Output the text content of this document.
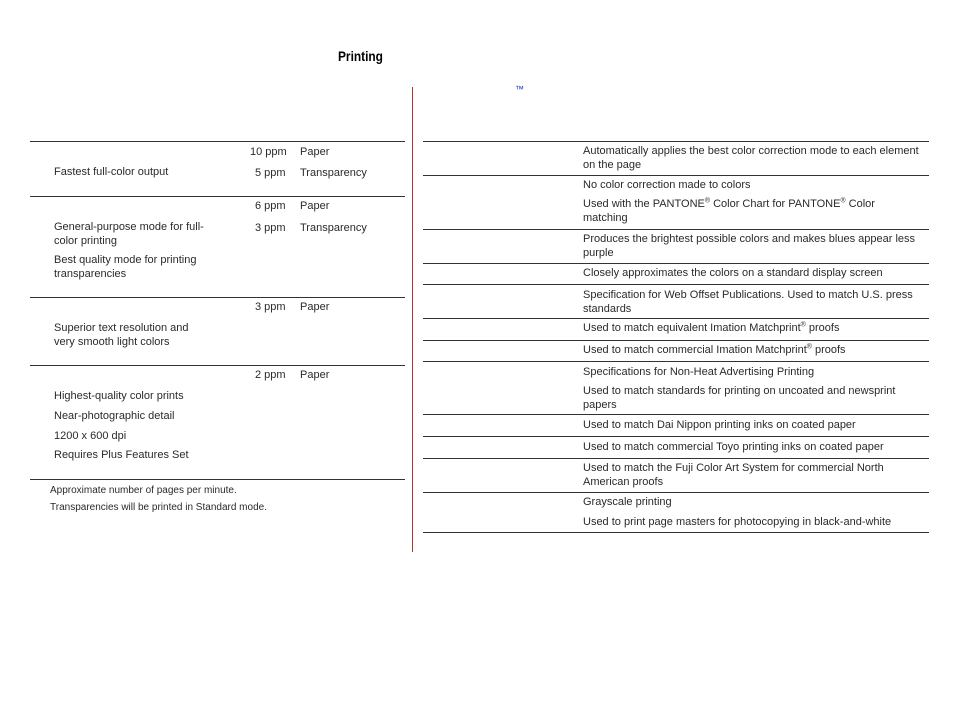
Printing
™
10 ppm Paper
5 ppm Transparency
Fastest full-color output
6 ppm Paper
3 ppm Transparency
General-purpose mode for full-color printing
Best quality mode for printing transparencies
3 ppm Paper
Superior text resolution and very smooth light colors
2 ppm Paper
Highest-quality color prints
Near-photographic detail
1200 x 600 dpi
Requires Plus Features Set
Approximate number of pages per minute.
Transparencies will be printed in Standard mode.
Automatically applies the best color correction mode to each element on the page
No color correction made to colors
Used with the PANTONE® Color Chart for PANTONE® Color matching
Produces the brightest possible colors and makes blues appear less purple
Closely approximates the colors on a standard display screen
Specification for Web Offset Publications. Used to match U.S. press standards
Used to match equivalent Imation Matchprint® proofs
Used to match commercial Imation Matchprint® proofs
Specifications for Non-Heat Advertising Printing
Used to match standards for printing on uncoated and newsprint papers
Used to match Dai Nippon printing inks on coated paper
Used to match commercial Toyo printing inks on coated paper
Used to match the Fuji Color Art System for commercial North American proofs
Grayscale printing
Used to print page masters for photocopying in black-and-white
